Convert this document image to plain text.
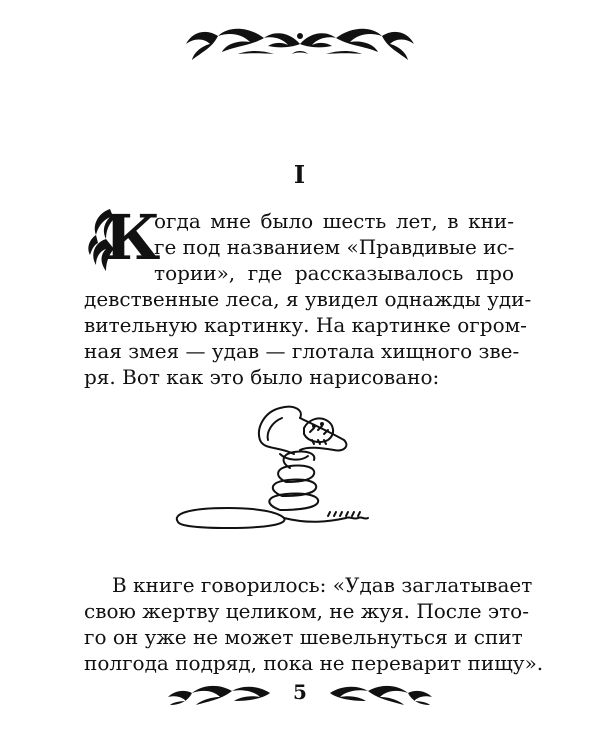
I
К
огда мне было шесть лет, в кни-
ге под названием «Правдивые ис-
тории», где рассказывалось про
девственные леса, я увидел однажды уди-
вительную картинку. На картинке огром-
ная змея — удав — глотала хищного зве-
ря. Вот как это было нарисовано:
В книге говорилось: «Удав заглатывает
свою жертву целиком, не жуя. После это-
го он уже не может шевельнуться и спит
полгода подряд, пока не переварит пищу».
5
